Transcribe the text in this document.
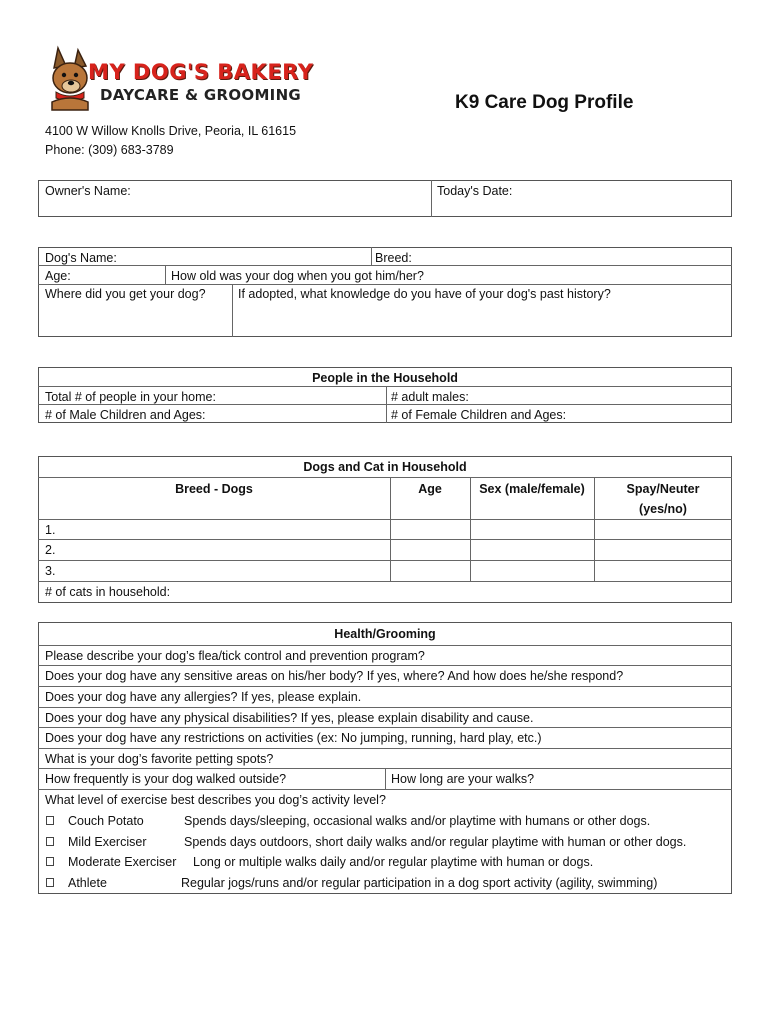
MY DOG'S BAKERY
DAYCARE & GROOMING	K9 Care Dog Profile
4100 W Willow Knolls Drive, Peoria, IL 61615
Phone: (309) 683-3789
Owner's Name:	Today's Date:
Dog's Name:	Breed:
Age:	How old was your dog when you got him/her?
Where did you get your dog?	If adopted, what knowledge do you have of your dog's past history?
People in the Household
Total # of people in your home:	# adult males:
# of Male Children and Ages:	# of Female Children and Ages:
Dogs and Cat in Household
Breed - Dogs	Age	Sex (male/female)	Spay/Neuter
(yes/no)
1.
2.
3.
# of cats in household:
Health/Grooming
Please describe your dog’s flea/tick control and prevention program?
Does your dog have any sensitive areas on his/her body? If yes, where? And how does he/she respond?
Does your dog have any allergies? If yes, please explain.
Does your dog have any physical disabilities? If yes, please explain disability and cause.
Does your dog have any restrictions on activities (ex: No jumping, running, hard play, etc.)
What is your dog’s favorite petting spots?
How frequently is your dog walked outside?	How long are your walks?
What level of exercise best describes you dog’s activity level?
Couch Potato	Spends days/sleeping, occasional walks and/or playtime with humans or other dogs.
Mild Exerciser	Spends days outdoors, short daily walks and/or regular playtime with human or other dogs.
Moderate Exerciser Long or multiple walks daily and/or regular playtime with human or dogs.
Athlete	Regular jogs/runs and/or regular participation in a dog sport activity (agility, swimming)
